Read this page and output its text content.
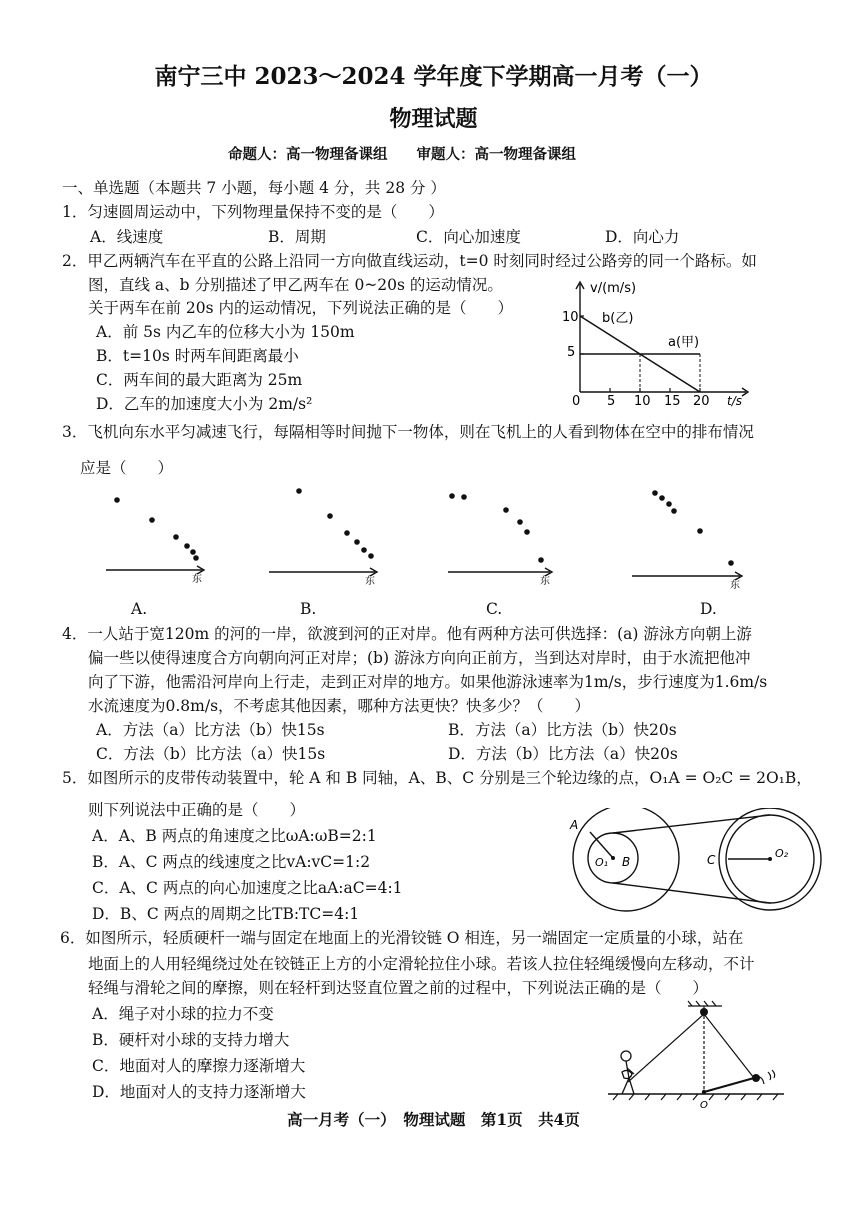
南宁三中 2023～2024 学年度下学期高一月考（一）
物理试题
命题人：高一物理备课组　　审题人：高一物理备课组
一、单选题（本题共 7 小题，每小题 4 分，共 28 分 ）
1．匀速圆周运动中，下列物理量保持不变的是（　　）
A．线速度	B．周期	C．向心加速度	D．向心力
2．甲乙两辆汽车在平直的公路上沿同一方向做直线运动，t=0 时刻同时经过公路旁的同一个路标。如
图，直线 a、b 分别描述了甲乙两车在 0~20s 的运动情况。
关于两车在前 20s 内的运动情况，下列说法正确的是（　　）
A．前 5s 内乙车的位移大小为 150m
B．t=10s 时两车间距离最小
C．两车间的最大距离为 25m
D．乙车的加速度大小为 2m/s²
v/(m/s)
t/s
10
5
0 5 10 15 20
b(乙)
a(甲)
3．飞机向东水平匀减速飞行，每隔相等时间抛下一物体，则在飞机上的人看到物体在空中的排布情况
应是（　　）
东
A.
东
B.
东
C.
东
D.
4．一人站于宽120m 的河的一岸，欲渡到河的正对岸。他有两种方法可供选择：(a) 游泳方向朝上游
偏一些以使得速度合方向朝向河正对岸；(b) 游泳方向向正前方，当到达对岸时，由于水流把他冲
向了下游，他需沿河岸向上行走，走到正对岸的地方。如果他游泳速率为1m/s，步行速度为1.6m/s
水流速度为0.8m/s，不考虑其他因素，哪种方法更快？快多少？（　　）
A．方法（a）比方法（b）快15s	B．方法（a）比方法（b）快20s
C．方法（b）比方法（a）快15s	D．方法（b）比方法（a）快20s
5．如图所示的皮带传动装置中，轮 A 和 B 同轴，A、B、C 分别是三个轮边缘的点，O₁A = O₂C = 2O₁B，
则下列说法中正确的是（　　）
A．A、B 两点的角速度之比ωA:ωB=2:1
B．A、C 两点的线速度之比vA:vC=1:2
C．A、C 两点的向心加速度之比aA:aC=4:1
D．B、C 两点的周期之比TB:TC=4:1
A
B	C
O₁
O₂
6．如图所示，轻质硬杆一端与固定在地面上的光滑铰链 O 相连，另一端固定一定质量的小球，站在
地面上的人用轻绳绕过处在铰链正上方的小定滑轮拉住小球。若该人拉住轻绳缓慢向左移动，不计
轻绳与滑轮之间的摩擦，则在轻杆到达竖直位置之前的过程中，下列说法正确的是（　　）
A．绳子对小球的拉力不变
B．硬杆对小球的支持力增大
C．地面对人的摩擦力逐渐增大
D．地面对人的支持力逐渐增大
O
高一月考（一）　物理试题　第1页　共4页
